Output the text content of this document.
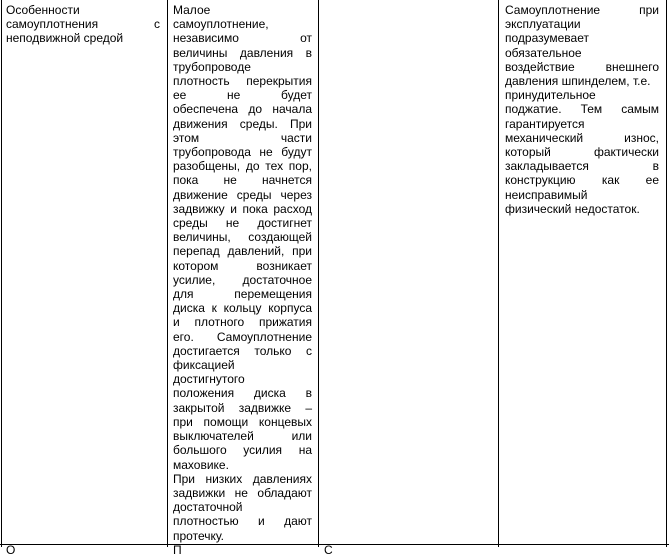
Особенности самоуплотнения с

неподвижной средой

Малое

самоуплотнение,

независимо от

величины давления в

трубопроводе

плотность перекрытия

ее не будет

обеспечена до начала

движения среды. При

этом части

трубопровода не будут

разобщены, до тех пор,

пока не начнется

движение среды через

задвижку и пока расход

среды не достигнет

величины, создающей

перепад давлений, при

котором возникает

усилие, достаточное

для перемещения

диска к кольцу корпуса

и плотного прижатия

его. Самоуплотнение

достигается только с

фиксацией

достигнутого

положения диска в

закрытой задвижке –

при помощи концевых

выключателей или

большого усилия на

маховике.

При низких давлениях

задвижки не обладают

достаточной

плотностью и дают

протечку.

Самоуплотнение при

эксплуатации

подразумевает

обязательное

воздействие внешнего

давления шпинделем, т.е.

принудительное

поджатие. Тем самым

гарантируется

механический износ,

который фактически

закладывается в

конструкцию как ее

неисправимый

физический недостаток.

О	П	С
